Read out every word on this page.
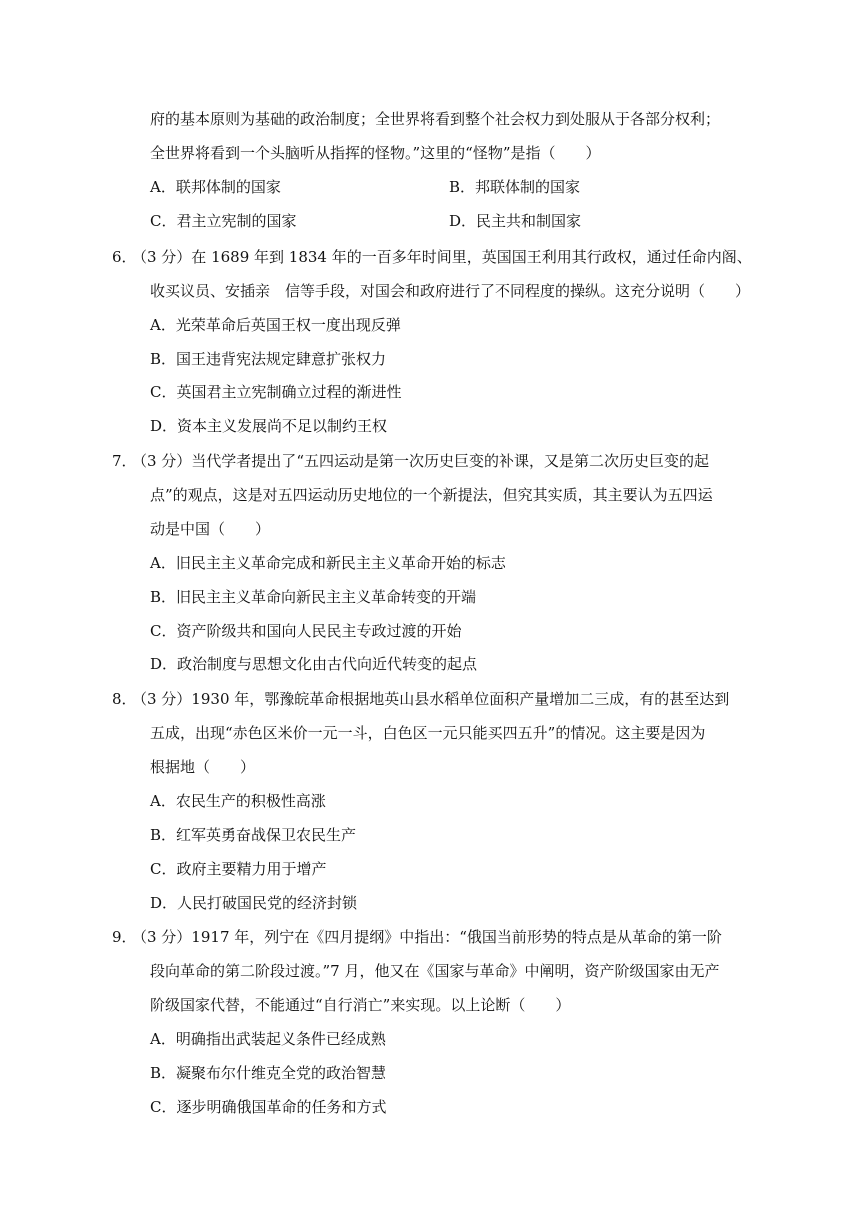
府的基本原则为基础的政治制度；全世界将看到整个社会权力到处服从于各部分权利；
全世界将看到一个头脑听从指挥的怪物。”这里的“怪物”是指（　　）
A．联邦体制的国家	B．邦联体制的国家
C．君主立宪制的国家	D．民主共和制国家
6．
（3 分）在 1689 年到 1834 年的一百多年时间里，英国国王利用其行政权，通过任命内阁、
收买议员、安插亲　信等手段，对国会和政府进行了不同程度的操纵。这充分说明（　　）
A．光荣革命后英国王权一度出现反弹
B．国王违背宪法规定肆意扩张权力
C．英国君主立宪制确立过程的渐进性
D．资本主义发展尚不足以制约王权
7．
（3 分）当代学者提出了“五四运动是第一次历史巨变的补课，又是第二次历史巨变的起
点”的观点，这是对五四运动历史地位的一个新提法，但究其实质，其主要认为五四运
动是中国（　　）
A．旧民主主义革命完成和新民主主义革命开始的标志
B．旧民主主义革命向新民主主义革命转变的开端
C．资产阶级共和国向人民民主专政过渡的开始
D．政治制度与思想文化由古代向近代转变的起点
8．
（3 分）1930 年，鄂豫皖革命根据地英山县水稻单位面积产量增加二三成，有的甚至达到
五成，出现“赤色区米价一元一斗，白色区一元只能买四五升”的情况。这主要是因为
根据地（　　）
A．农民生产的积极性高涨
B．红军英勇奋战保卫农民生产
C．政府主要精力用于增产
D．人民打破国民党的经济封锁
9．
（3 分）1917 年，列宁在《四月提纲》中指出：“俄国当前形势的特点是从革命的第一阶
段向革命的第二阶段过渡。”7 月，他又在《国家与革命》中阐明，资产阶级国家由无产
阶级国家代替，不能通过“自行消亡”来实现。以上论断（　　）
A．明确指出武装起义条件已经成熟
B．凝聚布尔什维克全党的政治智慧
C．逐步明确俄国革命的任务和方式
